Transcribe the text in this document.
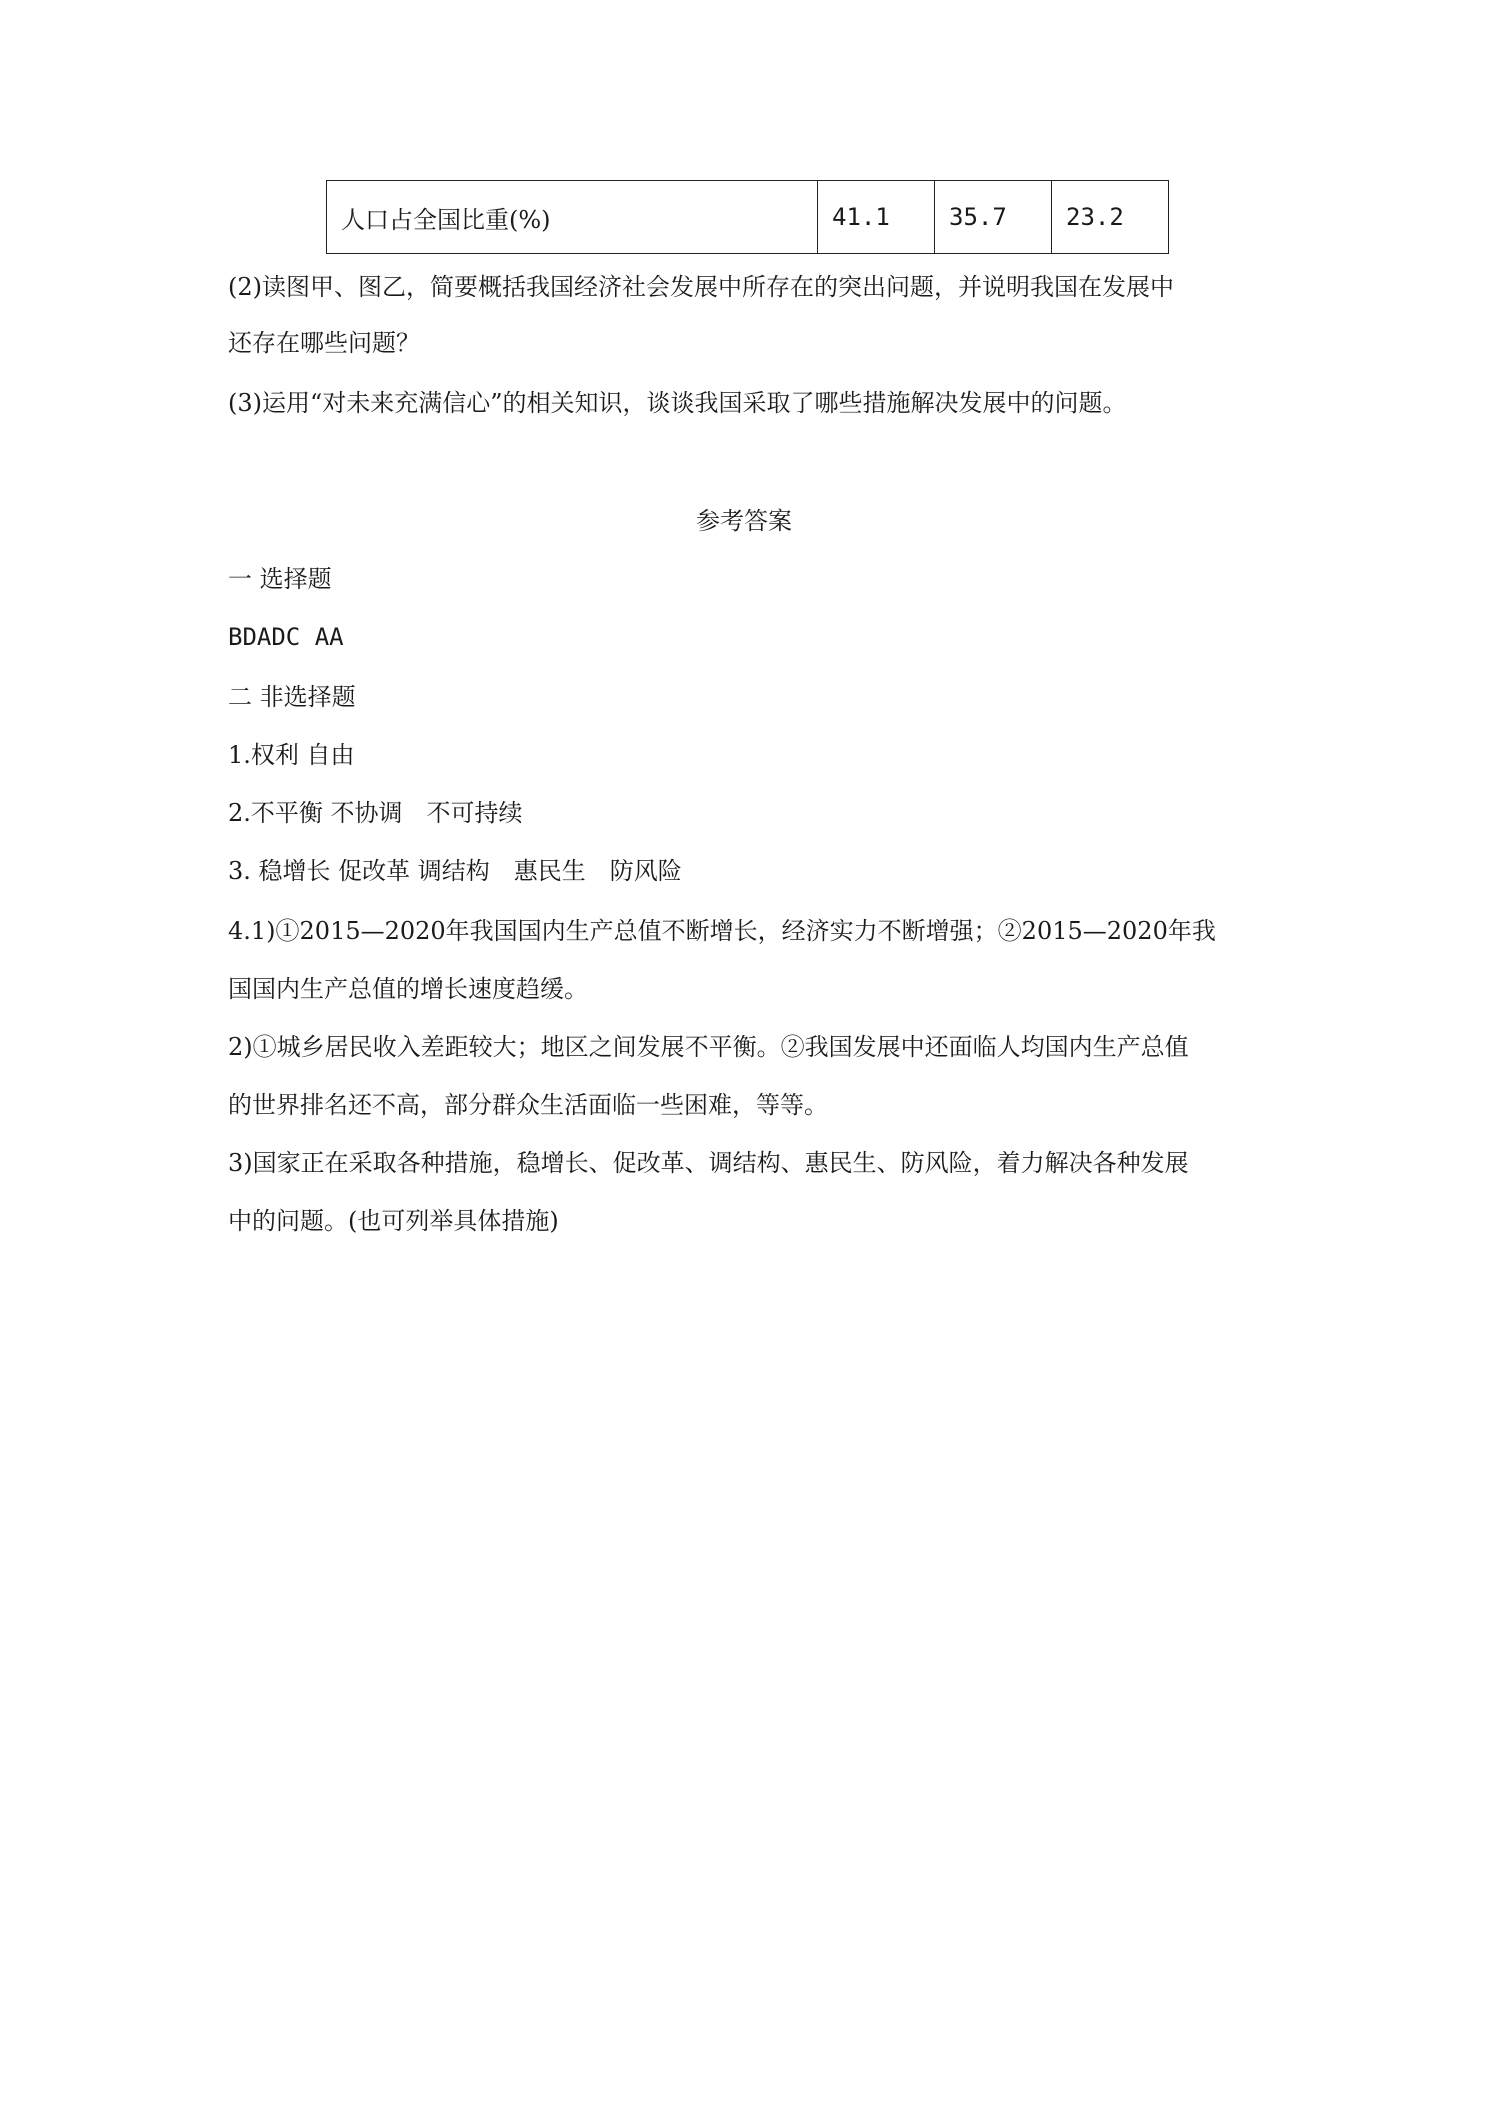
人口占全国比重(%)	41.1	35.7	23.2
(2)读图甲、图乙，简要概括我国经济社会发展中所存在的突出问题，并说明我国在发展中
还存在哪些问题？
(3)运用“对未来充满信心”的相关知识，谈谈我国采取了哪些措施解决发展中的问题。
参考答案
一 选择题
BDADC AA
二 非选择题
1.权利 自由
2.不平衡 不协调　不可持续
3. 稳增长 促改革 调结构　惠民生　防风险
4.1)①2015—2020年我国国内生产总值不断增长，经济实力不断增强；②2015—2020年我
国国内生产总值的增长速度趋缓。
2)①城乡居民收入差距较大；地区之间发展不平衡。②我国发展中还面临人均国内生产总值
的世界排名还不高，部分群众生活面临一些困难，等等。
3)国家正在采取各种措施，稳增长、促改革、调结构、惠民生、防风险，着力解决各种发展
中的问题。(也可列举具体措施)
